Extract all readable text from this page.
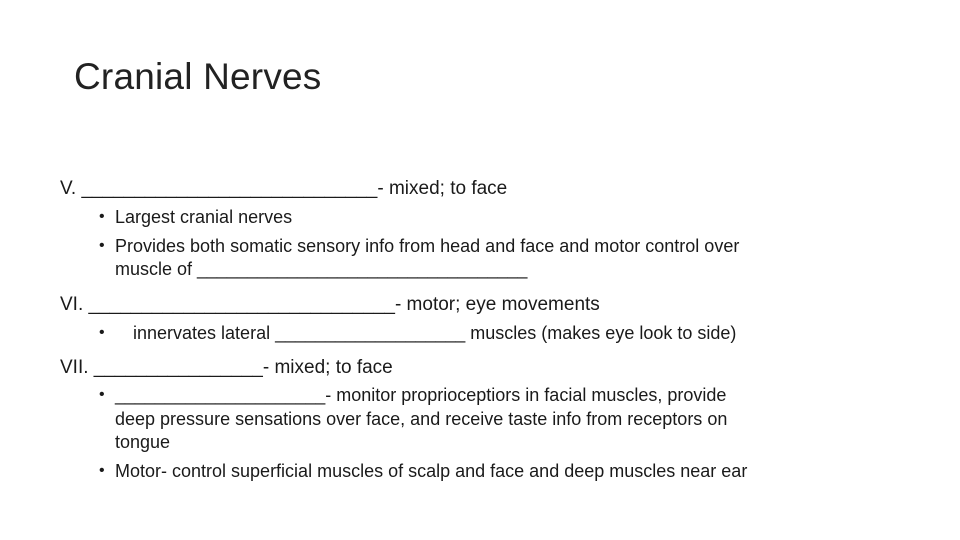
Cranial Nerves
V. ____________________________- mixed; to face
• Largest cranial nerves
• Provides both somatic sensory info from head and face and motor control over
muscle of _________________________________
VI. _____________________________- motor; eye movements
• innervates lateral ___________________ muscles (makes eye look to side)
VII. ________________- mixed; to face
• _____________________- monitor proprioceptiors in facial muscles, provide
deep pressure sensations over face, and receive taste info from receptors on
tongue
• Motor- control superficial muscles of scalp and face and deep muscles near ear
